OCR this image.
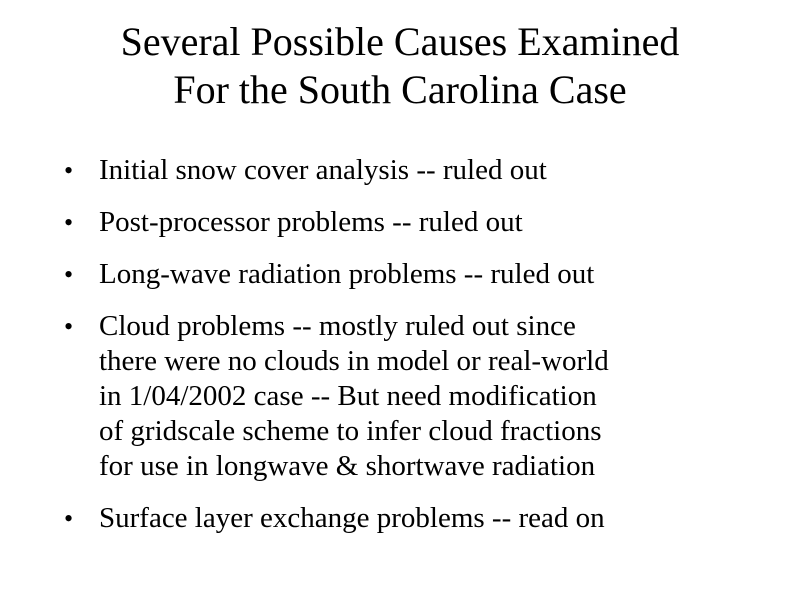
Several Possible Causes Examined
For the South Carolina Case
• Initial snow cover analysis -- ruled out
• Post-processor problems -- ruled out
• Long-wave radiation problems -- ruled out
• Cloud problems -- mostly ruled out since
there were no clouds in model or real-world
in 1/04/2002 case -- But need modification
of gridscale scheme to infer cloud fractions
for use in longwave & shortwave radiation
• Surface layer exchange problems -- read on
